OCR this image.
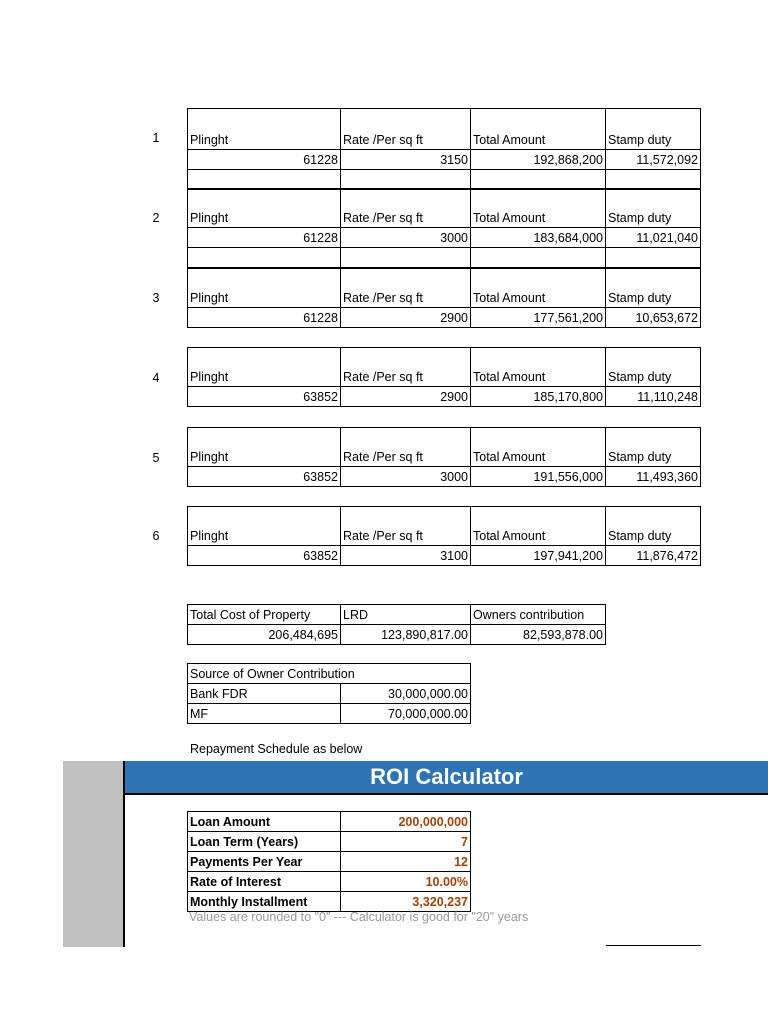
1 Plinght	Rate /Per sq ft	Total Amount	Stamp duty
61228	3150	192,868,200	11,572,092

2 Plinght	Rate /Per sq ft	Total Amount	Stamp duty
61228	3000	183,684,000	11,021,040

3 Plinght	Rate /Per sq ft	Total Amount	Stamp duty
61228	2900	177,561,200	10,653,672
4 Plinght	Rate /Per sq ft	Total Amount	Stamp duty
63852	2900	185,170,800	11,110,248
5 Plinght	Rate /Per sq ft	Total Amount	Stamp duty
63852	3000	191,556,000	11,493,360
6 Plinght	Rate /Per sq ft	Total Amount	Stamp duty
63852	3100	197,941,200	11,876,472
Total Cost of Property	LRD	Owners contribution
206,484,695	123,890,817.00	82,593,878.00
Source of Owner Contribution	
Bank FDR	30,000,000.00
MF	70,000,000.00
Repayment Schedule as below
ROI Calculator
Loan Amount	200,000,000
Loan Term (Years)	7
Payments Per Year	12
Rate of Interest	10.00%
Monthly Installment	3,320,237
Values are rounded to "0" --- Calculator is good for "20" years
